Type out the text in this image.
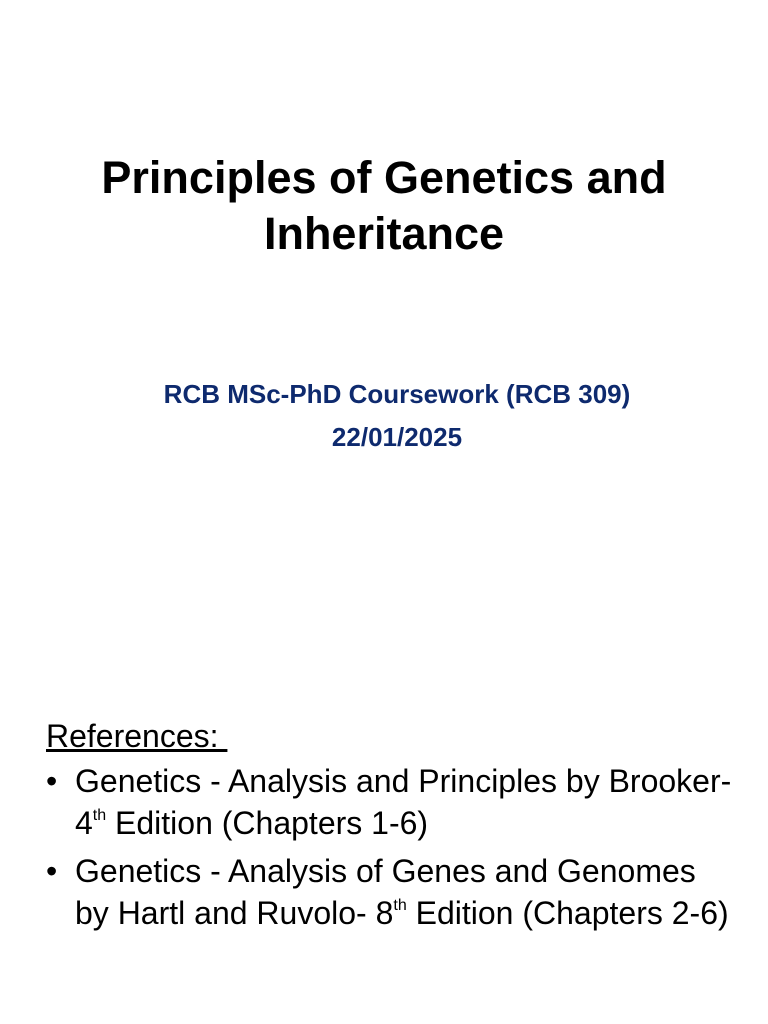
Principles of Genetics and
Inheritance
RCB MSc-PhD Coursework (RCB 309)
22/01/2025
References:
• Genetics - Analysis and Principles by Brooker- 4th Edition (Chapters 1-6)
• Genetics - Analysis of Genes and Genomes by Hartl and Ruvolo- 8th Edition (Chapters 2-6)
